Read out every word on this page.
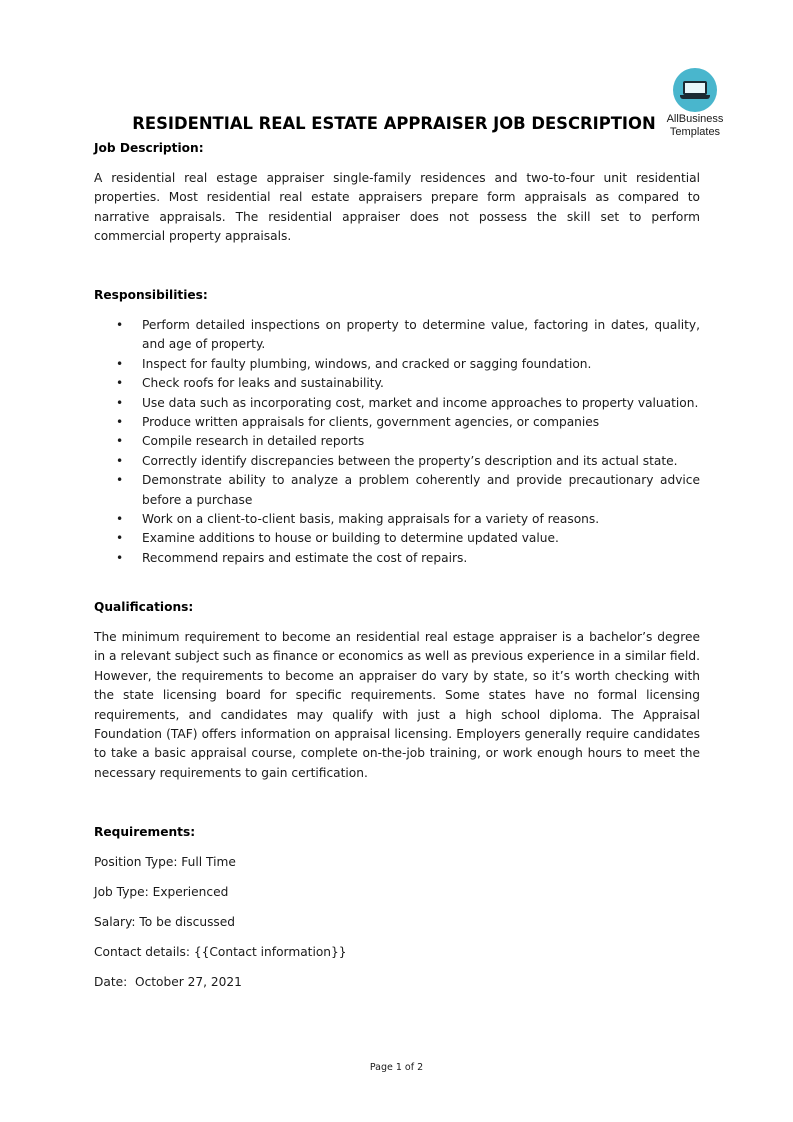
AllBusiness
Templates
RESIDENTIAL REAL ESTATE APPRAISER JOB DESCRIPTION
Job Description:
A residential real estage appraiser single-family residences and two-to-four unit residential properties. Most residential real estate appraisers prepare form appraisals as compared to narrative appraisals. The residential appraiser does not possess the skill set to perform commercial property appraisals.
Responsibilities:
• Perform detailed inspections on property to determine value, factoring in dates, quality, and age of property.
• Inspect for faulty plumbing, windows, and cracked or sagging foundation.
• Check roofs for leaks and sustainability.
• Use data such as incorporating cost, market and income approaches to property valuation.
• Produce written appraisals for clients, government agencies, or companies
• Compile research in detailed reports
• Correctly identify discrepancies between the property’s description and its actual state.
• Demonstrate ability to analyze a problem coherently and provide precautionary advice before a purchase
• Work on a client-to-client basis, making appraisals for a variety of reasons.
• Examine additions to house or building to determine updated value.
• Recommend repairs and estimate the cost of repairs.
Qualifications:
The minimum requirement to become an residential real estage appraiser is a bachelor’s degree in a relevant subject such as finance or economics as well as previous experience in a similar field. However, the requirements to become an appraiser do vary by state, so it’s worth checking with the state licensing board for specific requirements. Some states have no formal licensing requirements, and candidates may qualify with just a high school diploma. The Appraisal Foundation (TAF) offers information on appraisal licensing. Employers generally require candidates to take a basic appraisal course, complete on-the-job training, or work enough hours to meet the necessary requirements to gain certification.
Requirements:
Position Type: Full Time
Job Type: Experienced
Salary: To be discussed
Contact details: {{Contact information}}
Date:  October 27, 2021
Page 1 of 2
